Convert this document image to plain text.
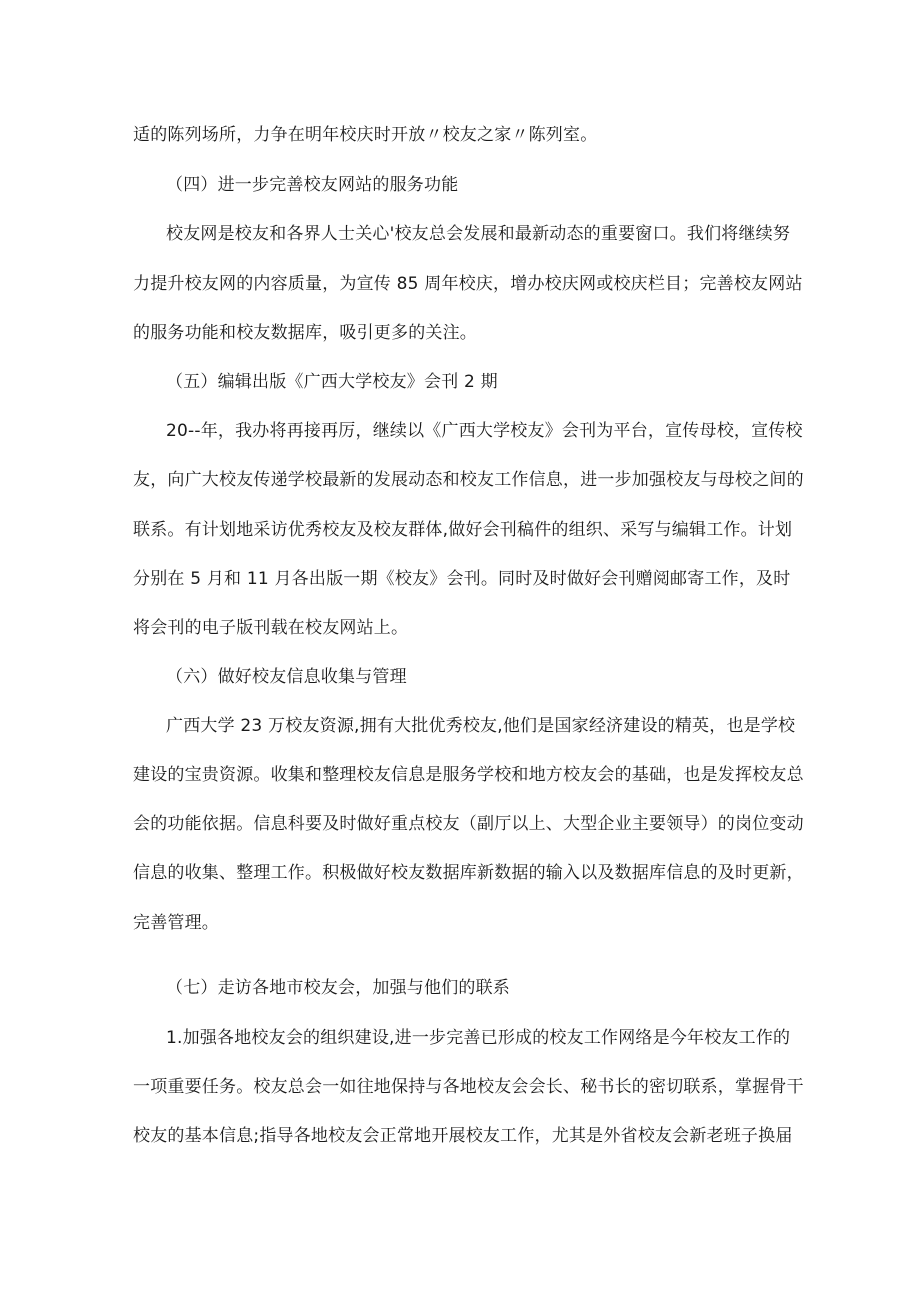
适的陈列场所，力争在明年校庆时开放〃校友之家〃陈列室。
（四）进一步完善校友网站的服务功能
校友网是校友和各界人士关心'校友总会发展和最新动态的重要窗口。我们将继续努
力提升校友网的内容质量，为宣传 85 周年校庆，增办校庆网或校庆栏目；完善校友网站
的服务功能和校友数据库，吸引更多的关注。
（五）编辑出版《广西大学校友》会刊 2 期
20--年，我办将再接再厉，继续以《广西大学校友》会刊为平台，宣传母校，宣传校
友，向广大校友传递学校最新的发展动态和校友工作信息，进一步加强校友与母校之间的
联系。有计划地采访优秀校友及校友群体,做好会刊稿件的组织、采写与编辑工作。计划
分别在 5 月和 11 月各出版一期《校友》会刊。同时及时做好会刊赠阅邮寄工作，及时
将会刊的电子版刊载在校友网站上。
（六）做好校友信息收集与管理
广西大学 23 万校友资源,拥有大批优秀校友,他们是国家经济建设的精英，也是学校
建设的宝贵资源。收集和整理校友信息是服务学校和地方校友会的基础，也是发挥校友总
会的功能依据。信息科要及时做好重点校友（副厅以上、大型企业主要领导）的岗位变动
信息的收集、整理工作。积极做好校友数据库新数据的输入以及数据库信息的及时更新，
完善管理。
（七）走访各地市校友会，加强与他们的联系
1.加强各地校友会的组织建设,进一步完善已形成的校友工作网络是今年校友工作的
一项重要任务。校友总会一如往地保持与各地校友会会长、秘书长的密切联系，掌握骨干
校友的基本信息;指导各地校友会正常地开展校友工作，尤其是外省校友会新老班子换届
